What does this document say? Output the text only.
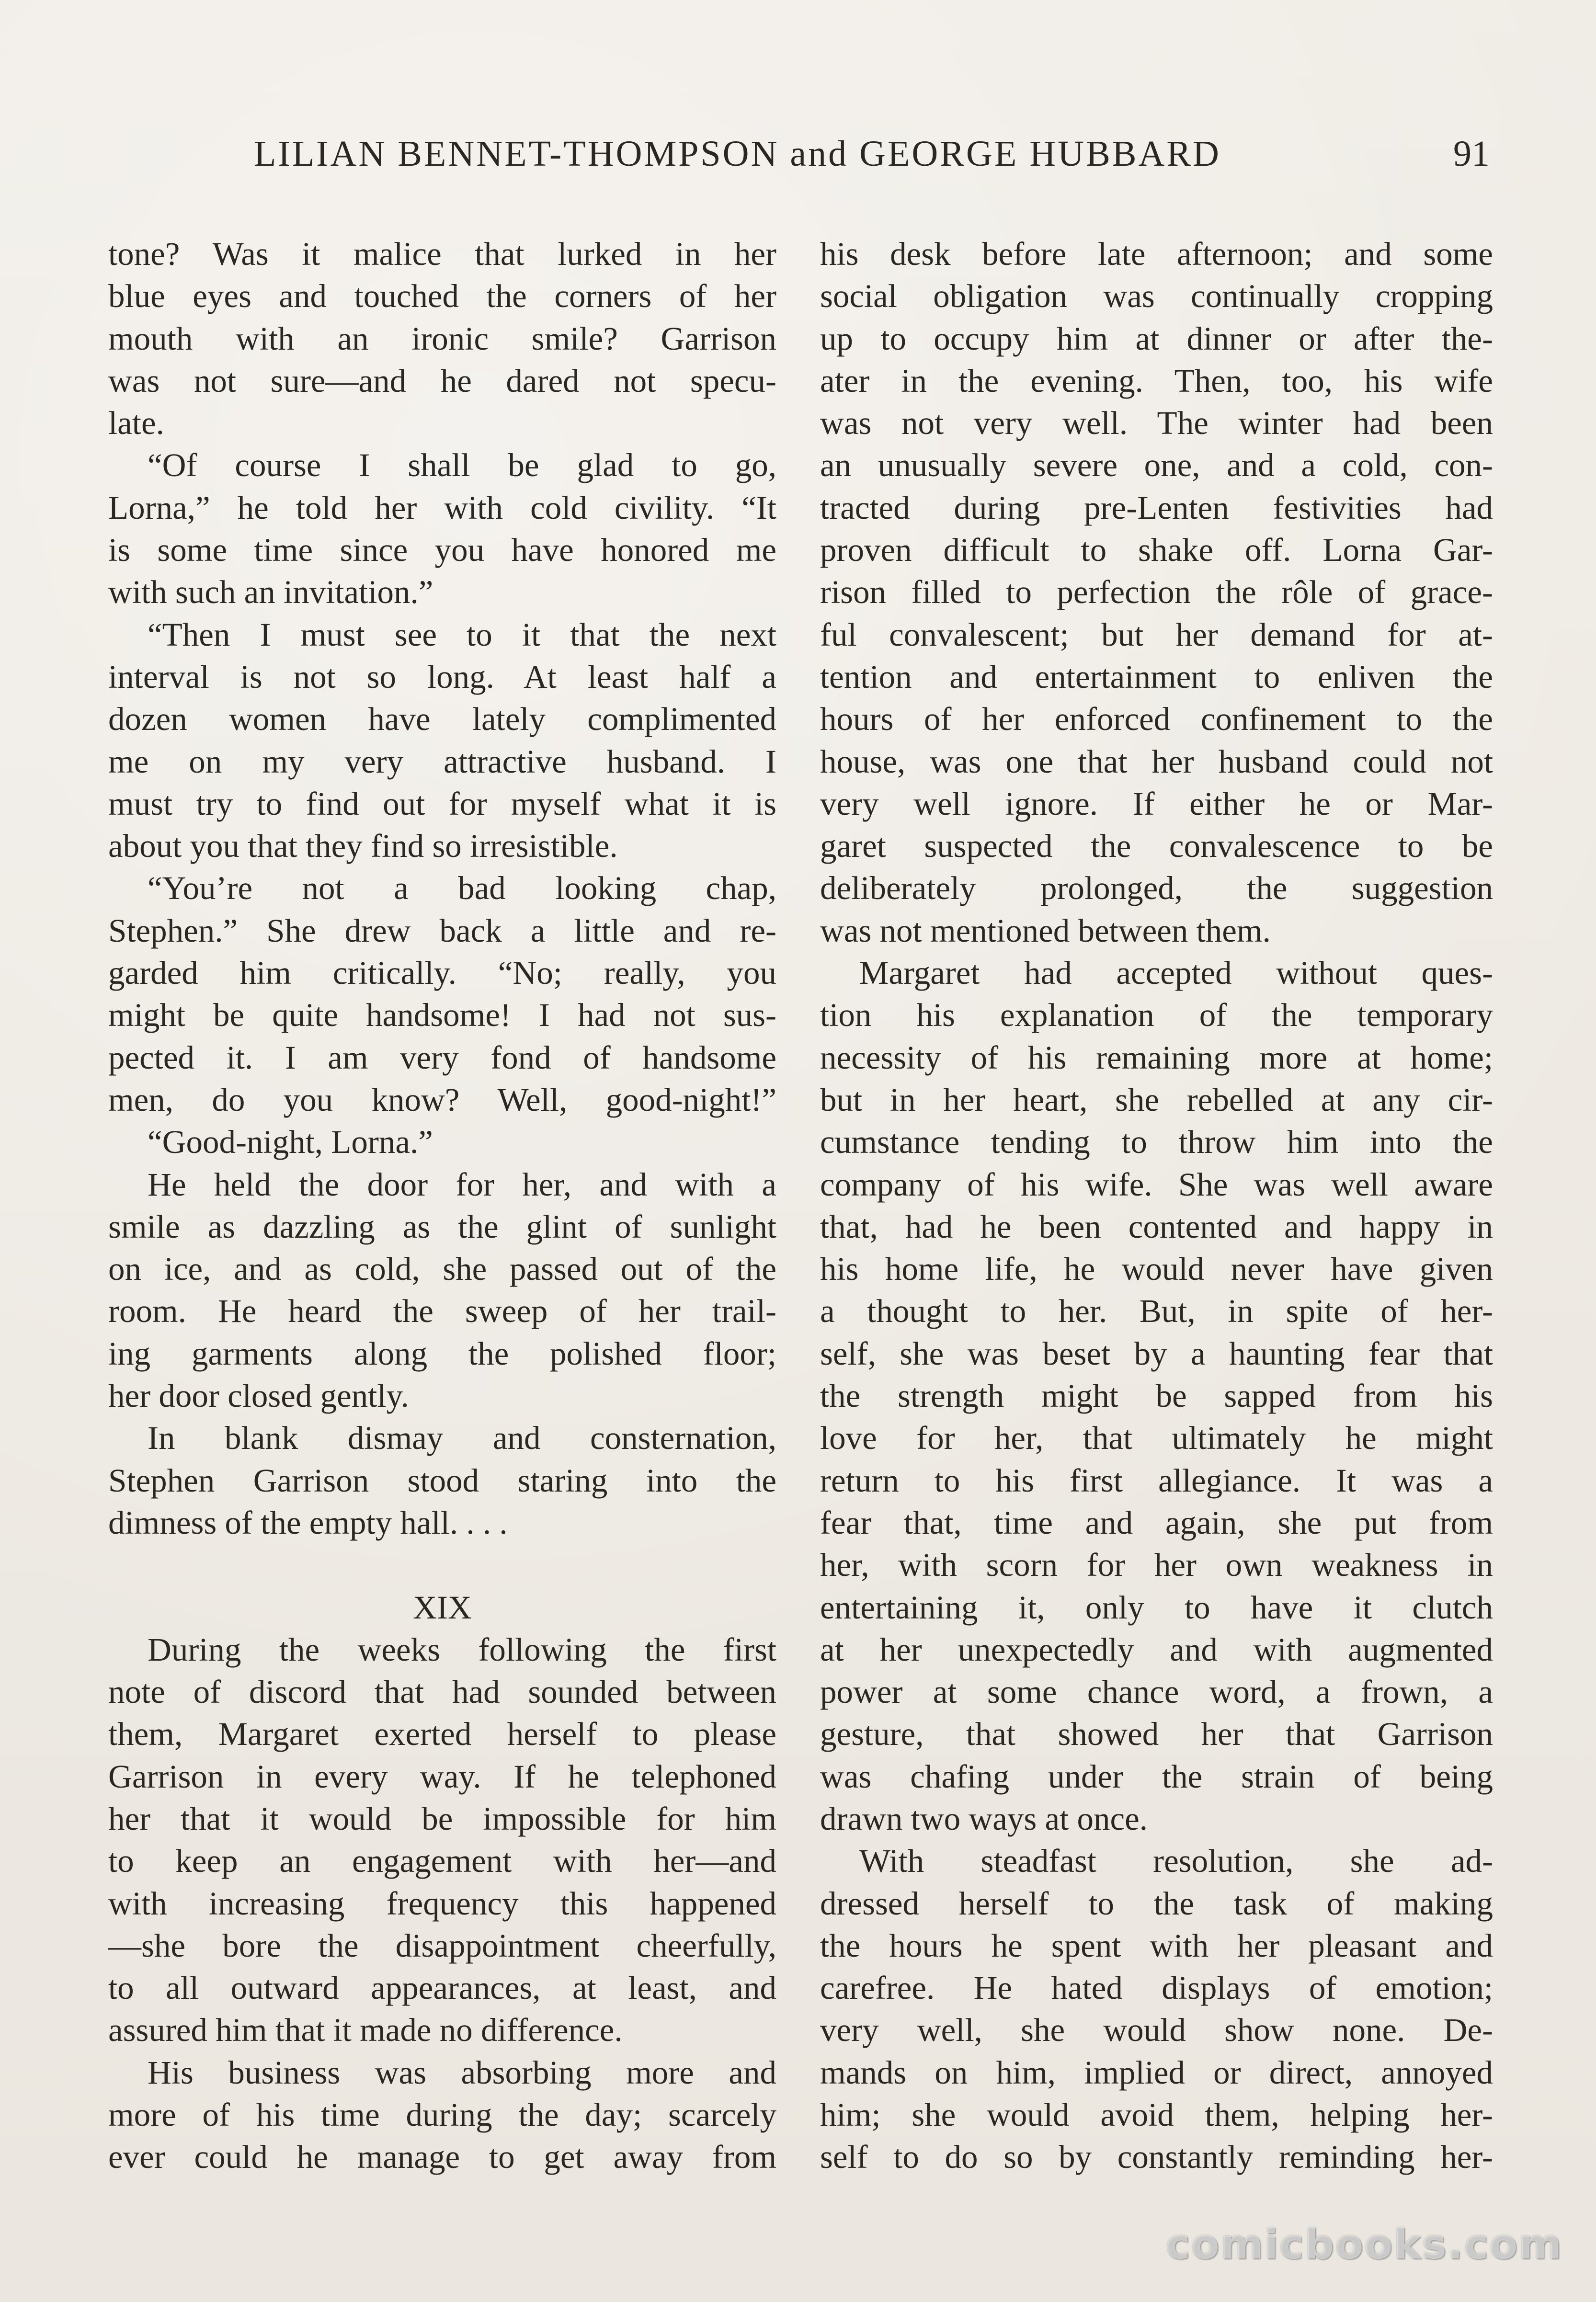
LILIAN BENNET-THOMPSON and GEORGE HUBBARD	91
tone? Was it malice that lurked in her
blue eyes and touched the corners of her
mouth with an ironic smile? Garrison
was not sure—and he dared not specu-
late.
“Of course I shall be glad to go,
Lorna,” he told her with cold civility. “It
is some time since you have honored me
with such an invitation.”
“Then I must see to it that the next
interval is not so long. At least half a
dozen women have lately complimented
me on my very attractive husband. I
must try to find out for myself what it is
about you that they find so irresistible.
“You’re not a bad looking chap,
Stephen.” She drew back a little and re-
garded him critically. “No; really, you
might be quite handsome! I had not sus-
pected it. I am very fond of handsome
men, do you know? Well, good-night!”
“Good-night, Lorna.”
He held the door for her, and with a
smile as dazzling as the glint of sunlight
on ice, and as cold, she passed out of the
room. He heard the sweep of her trail-
ing garments along the polished floor;
her door closed gently.
In blank dismay and consternation,
Stephen Garrison stood staring into the
dimness of the empty hall. . . .
XIX
During the weeks following the first
note of discord that had sounded between
them, Margaret exerted herself to please
Garrison in every way. If he telephoned
her that it would be impossible for him
to keep an engagement with her—and
with increasing frequency this happened
—she bore the disappointment cheerfully,
to all outward appearances, at least, and
assured him that it made no difference.
His business was absorbing more and
more of his time during the day; scarcely
ever could he manage to get away from
his desk before late afternoon; and some
social obligation was continually cropping
up to occupy him at dinner or after the-
ater in the evening. Then, too, his wife
was not very well. The winter had been
an unusually severe one, and a cold, con-
tracted during pre-Lenten festivities had
proven difficult to shake off. Lorna Gar-
rison filled to perfection the rôle of grace-
ful convalescent; but her demand for at-
tention and entertainment to enliven the
hours of her enforced confinement to the
house, was one that her husband could not
very well ignore. If either he or Mar-
garet suspected the convalescence to be
deliberately prolonged, the suggestion
was not mentioned between them.
Margaret had accepted without ques-
tion his explanation of the temporary
necessity of his remaining more at home;
but in her heart, she rebelled at any cir-
cumstance tending to throw him into the
company of his wife. She was well aware
that, had he been contented and happy in
his home life, he would never have given
a thought to her. But, in spite of her-
self, she was beset by a haunting fear that
the strength might be sapped from his
love for her, that ultimately he might
return to his first allegiance. It was a
fear that, time and again, she put from
her, with scorn for her own weakness in
entertaining it, only to have it clutch
at her unexpectedly and with augmented
power at some chance word, a frown, a
gesture, that showed her that Garrison
was chafing under the strain of being
drawn two ways at once.
With steadfast resolution, she ad-
dressed herself to the task of making
the hours he spent with her pleasant and
carefree. He hated displays of emotion;
very well, she would show none. De-
mands on him, implied or direct, annoyed
him; she would avoid them, helping her-
self to do so by constantly reminding her-
comicbooks.com
